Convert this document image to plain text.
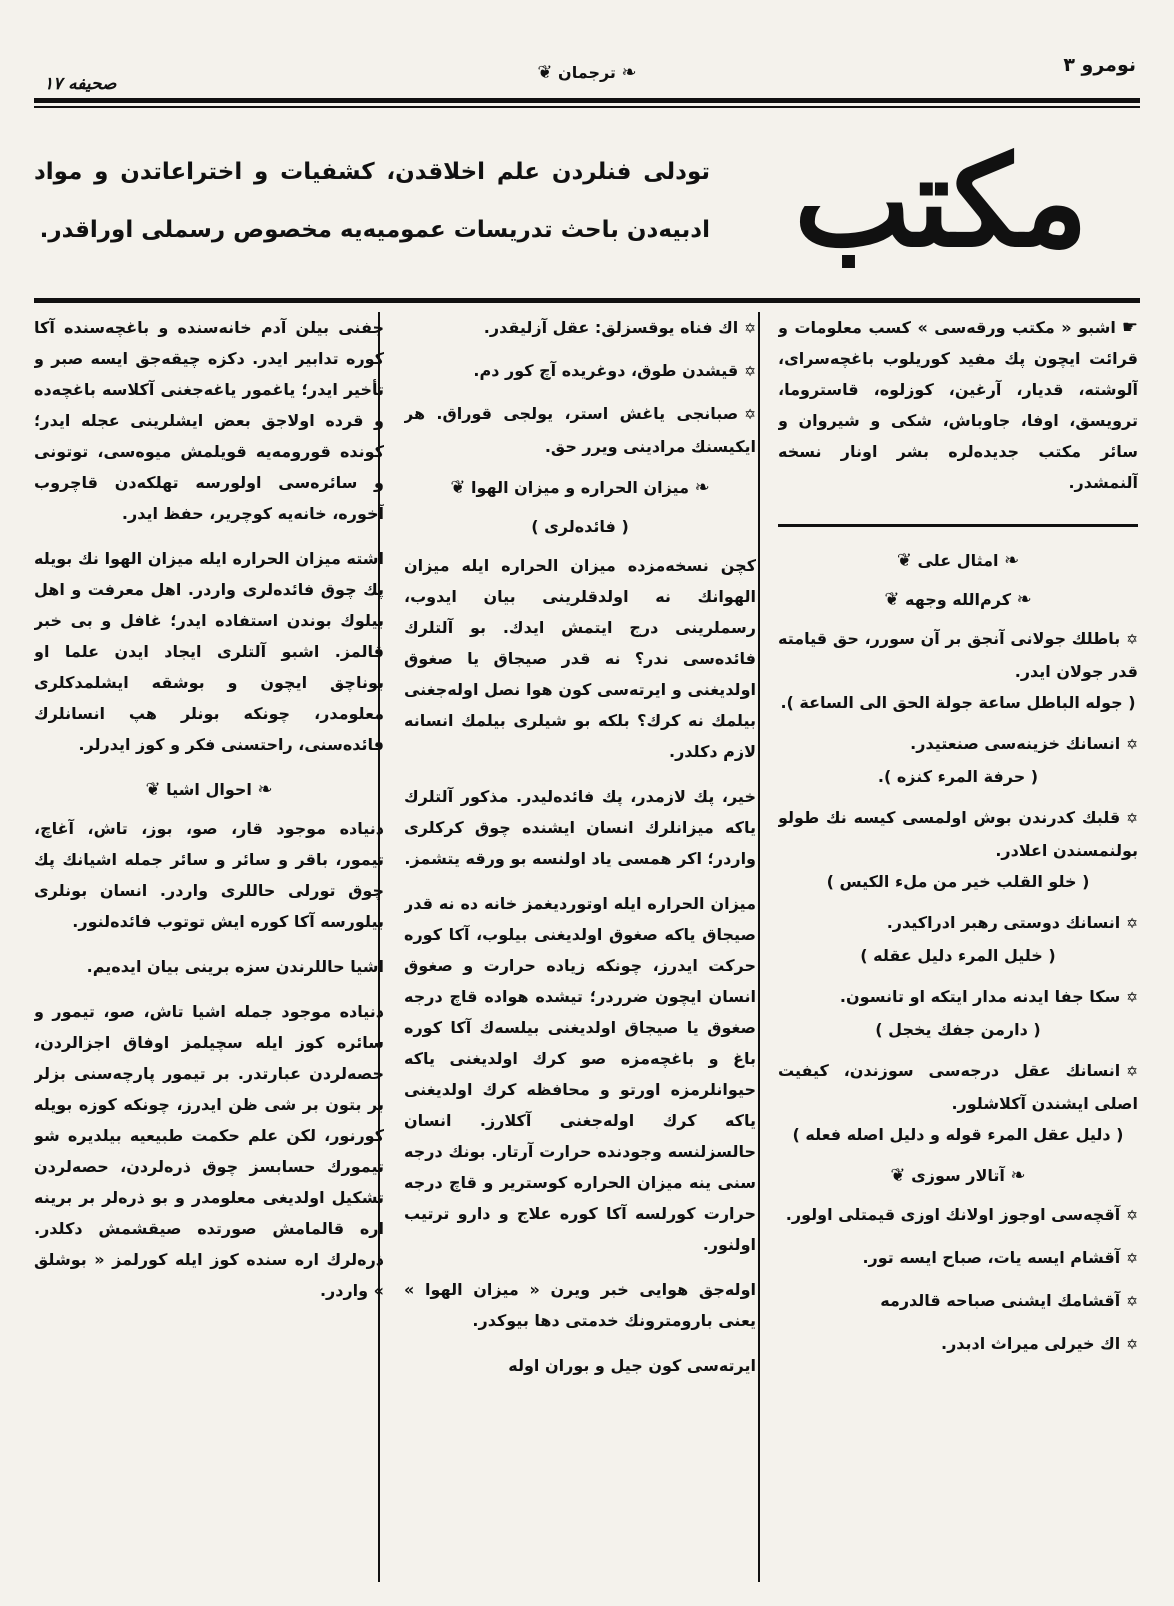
نومرو ۳
❧ ترجمان ❦
صحیفه ۱۷
مکتب
تودلی فنلردن علم اخلاقدن، کشفیات و اختراعاتدن و مواد ادبیه‌دن باحث تدریسات عمومیه‌یه مخصوص رسملی اوراقدر.

☛اشبو « مکتب ورقه‌سی » کسب معلومات و قرائت ایچون پك مفید کوریلوب باغچه‌سرای، آلوشته، قدیار، آرغین، کوزلوه، قاستروما، ترویسق، اوفا، جاوباش، شکی و شیروان و سائر مکتب جدیده‌لره بشر اونار نسخه آلنمشدر.

❧ امثال علی ❦
❧ کرم‌الله وجهه ❦

✡باطلك جولانی آنجق بر آن سورر، حق قیامته قدر جولان ایدر.
( جوله الباطل ساعة جولة الحق الی الساعة ).

✡انسانك خزینه‌سی صنعتیدر.
( حرفة المرء کنزه ).

✡قلبك کدرندن بوش اولمسی کیسه نك طولو بولنمسندن اعلادر.
( خلو القلب خیر من ملء الکیس )

✡انسانك دوستی رهبر ادراکیدر.
( خلیل المرء دلیل عقله )

✡سکا جفا ایدنه مدار ایتکه او تانسون.
( دارمن جفك یخجل )

✡انسانك عقل درجه‌سی سوزندن، کیفیت اصلی ایشندن آکلاشلور.
( دلیل عقل المرء قوله و دلیل اصله فعله )

❧ آتالار سوزی ❦

✡آقچه‌سی اوجوز اولانك اوزی قیمتلی اولور.

✡آقشام ایسه یات، صباح ایسه تور.

✡آقشامك ایشنی صباحه قالدرمه

✡اك خیرلی میراث ادبدر.

✡اك فناه یوقسزلق: عقل آزلیقدر.

✡قیشدن طوق، دوغریده آچ کور دم.

✡صبانجی یاغش استر، یولجی قوراق. هر ایکیسنك مرادینی ویرر حق.

❧ میزان الحراره و میزان الهوا ❦
( فائده‌لری )

کچن نسخه‌مزده میزان الحراره ایله میزان الهوانك نه اولدقلرینی بیان ایدوب، رسملرینی درج ایتمش ایدك. بو آلتلرك فائده‌سی ندر؟ نه قدر صیجاق یا صغوق اولدیغنی و ایرته‌سی کون هوا نصل اوله‌جغنی بیلمك نه کرك؟ بلکه بو شیلری بیلمك انسانه لازم دکلدر.

خیر، پك لازمدر، پك فائده‌لیدر. مذکور آلتلرك یاکه میزانلرك انسان ایشنده چوق کرکلری واردر؛ اکر همسی یاد اولنسه بو ورقه یتشمز.

میزان الحراره ایله اوتوردیغمز خانه ده نه قدر صیجاق یاکه صغوق اولدیغنی بیلوب، آکا کوره حرکت ایدرز، چونکه زیاده حرارت و صغوق انسان ایچون ضرردر؛ تیشده هواده قاچ درجه صغوق یا صیجاق اولدیغنی بیلسه‌ك آکا کوره باغ و باغچه‌مزه صو کرك اولدیغنی یاکه حیوانلرمزه اورتو و محافظه کرك اولدیغنی یاکه کرك اوله‌جغنی آکلارز. انسان حالسزلنسه وجودنده حرارت آرتار. بونك درجه سنی ینه میزان الحراره کوستریر و قاچ درجه حرارت کورلسه آکا کوره علاج و دارو ترتیب اولنور.

اوله‌جق هوایی خبر ویرن « میزان الهوا » یعنی بارومترونك خدمتی دها بیوکدر.

ایرته‌سی کون جیل و بوران اوله

جفنی بیلن آدم خانه‌سنده و باغچه‌سنده آکا کوره تدابیر ایدر. دکزه چیقه‌جق ایسه صبر و تأخیر ایدر؛ یاغمور یاغه‌جغنی آکلاسه باغچه‌ده و قرده اولاجق بعض ایشلرینی عجله ایدر؛ کونده قورومه‌یه قویلمش میوه‌سی، توتونی و سائره‌سی اولورسه تهلکه‌دن قاچروب آخوره، خانه‌یه کوچریر، حفظ ایدر.

اشته میزان الحراره ایله میزان الهوا نك بویله پك چوق فائده‌لری واردر. اهل معرفت و اهل بیلوك بوندن استفاده ایدر؛ غافل و بی خبر قالمز. اشبو آلتلری ایجاد ایدن علما او بوناچق ایچون و بوشقه ایشلمدکلری معلومدر، چونکه بونلر هپ انسانلرك فائده‌سنی، راحتسنی فکر و کوز ایدرلر.

❧ احوال اشیا ❦

دنیاده موجود قار، صو، بوز، تاش، آغاچ، تیمور، باقر و سائر و سائر جمله اشیانك پك چوق تورلی حاللری واردر. انسان بونلری بیلورسه آکا کوره ایش توتوب فائده‌لنور.

اشیا حاللرندن سزه برینی بیان ایده‌یم.

دنیاده موجود جمله اشیا تاش، صو، تیمور و سائره کوز ایله سچیلمز اوفاق اجزالردن، حصه‌لردن عبارتدر. بر تیمور پارچه‌سنی بزلر بر بتون بر شی ظن ایدرز، چونکه کوزه بویله کورنور، لکن علم حکمت طبیعیه بیلدیره شو تیمورك حسابسز چوق ذره‌لردن، حصه‌لردن تشکیل اولدیغی معلومدر و بو ذره‌لر بر برینه اره قالمامش صورتده صیقشمش دکلدر. ذره‌لرك اره سنده کوز ایله کورلمز « بوشلق » واردر.
